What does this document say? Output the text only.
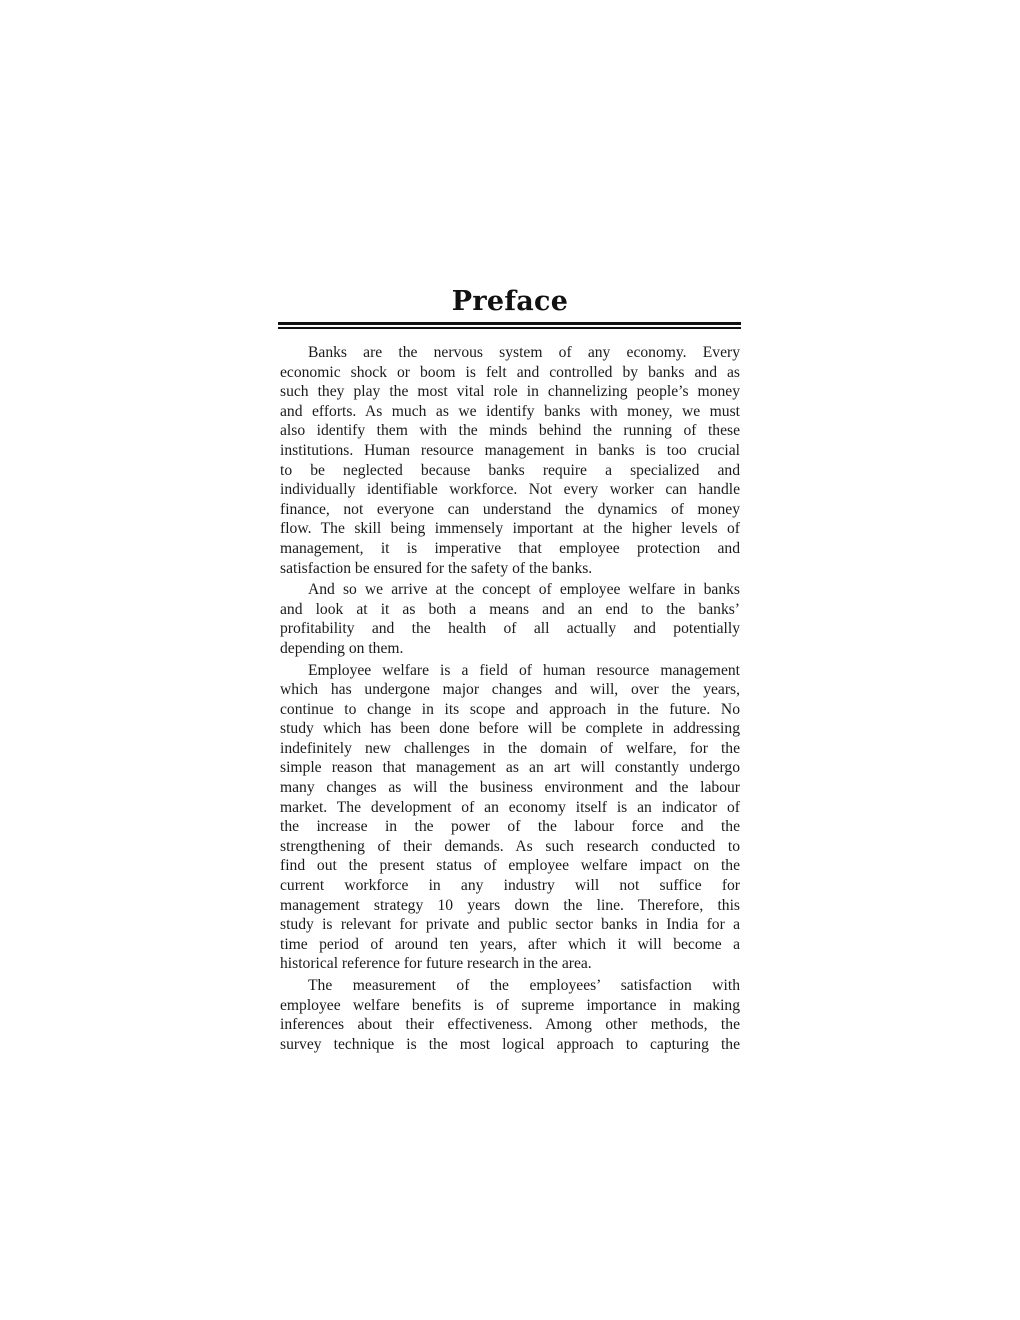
Preface
Banks are the nervous system of any economy. Every
economic shock or boom is felt and controlled by banks and as
such they play the most vital role in channelizing people’s money
and efforts. As much as we identify banks with money, we must
also identify them with the minds behind the running of these
institutions. Human resource management in banks is too crucial
to be neglected because banks require a specialized and
individually identifiable workforce. Not every worker can handle
finance, not everyone can understand the dynamics of money
flow. The skill being immensely important at the higher levels of
management, it is imperative that employee protection and
satisfaction be ensured for the safety of the banks.
And so we arrive at the concept of employee welfare in banks
and look at it as both a means and an end to the banks’
profitability and the health of all actually and potentially
depending on them.
Employee welfare is a field of human resource management
which has undergone major changes and will, over the years,
continue to change in its scope and approach in the future. No
study which has been done before will be complete in addressing
indefinitely new challenges in the domain of welfare, for the
simple reason that management as an art will constantly undergo
many changes as will the business environment and the labour
market. The development of an economy itself is an indicator of
the increase in the power of the labour force and the
strengthening of their demands. As such research conducted to
find out the present status of employee welfare impact on the
current workforce in any industry will not suffice for
management strategy 10 years down the line. Therefore, this
study is relevant for private and public sector banks in India for a
time period of around ten years, after which it will become a
historical reference for future research in the area.
The measurement of the employees’ satisfaction with
employee welfare benefits is of supreme importance in making
inferences about their effectiveness. Among other methods, the
survey technique is the most logical approach to capturing the
